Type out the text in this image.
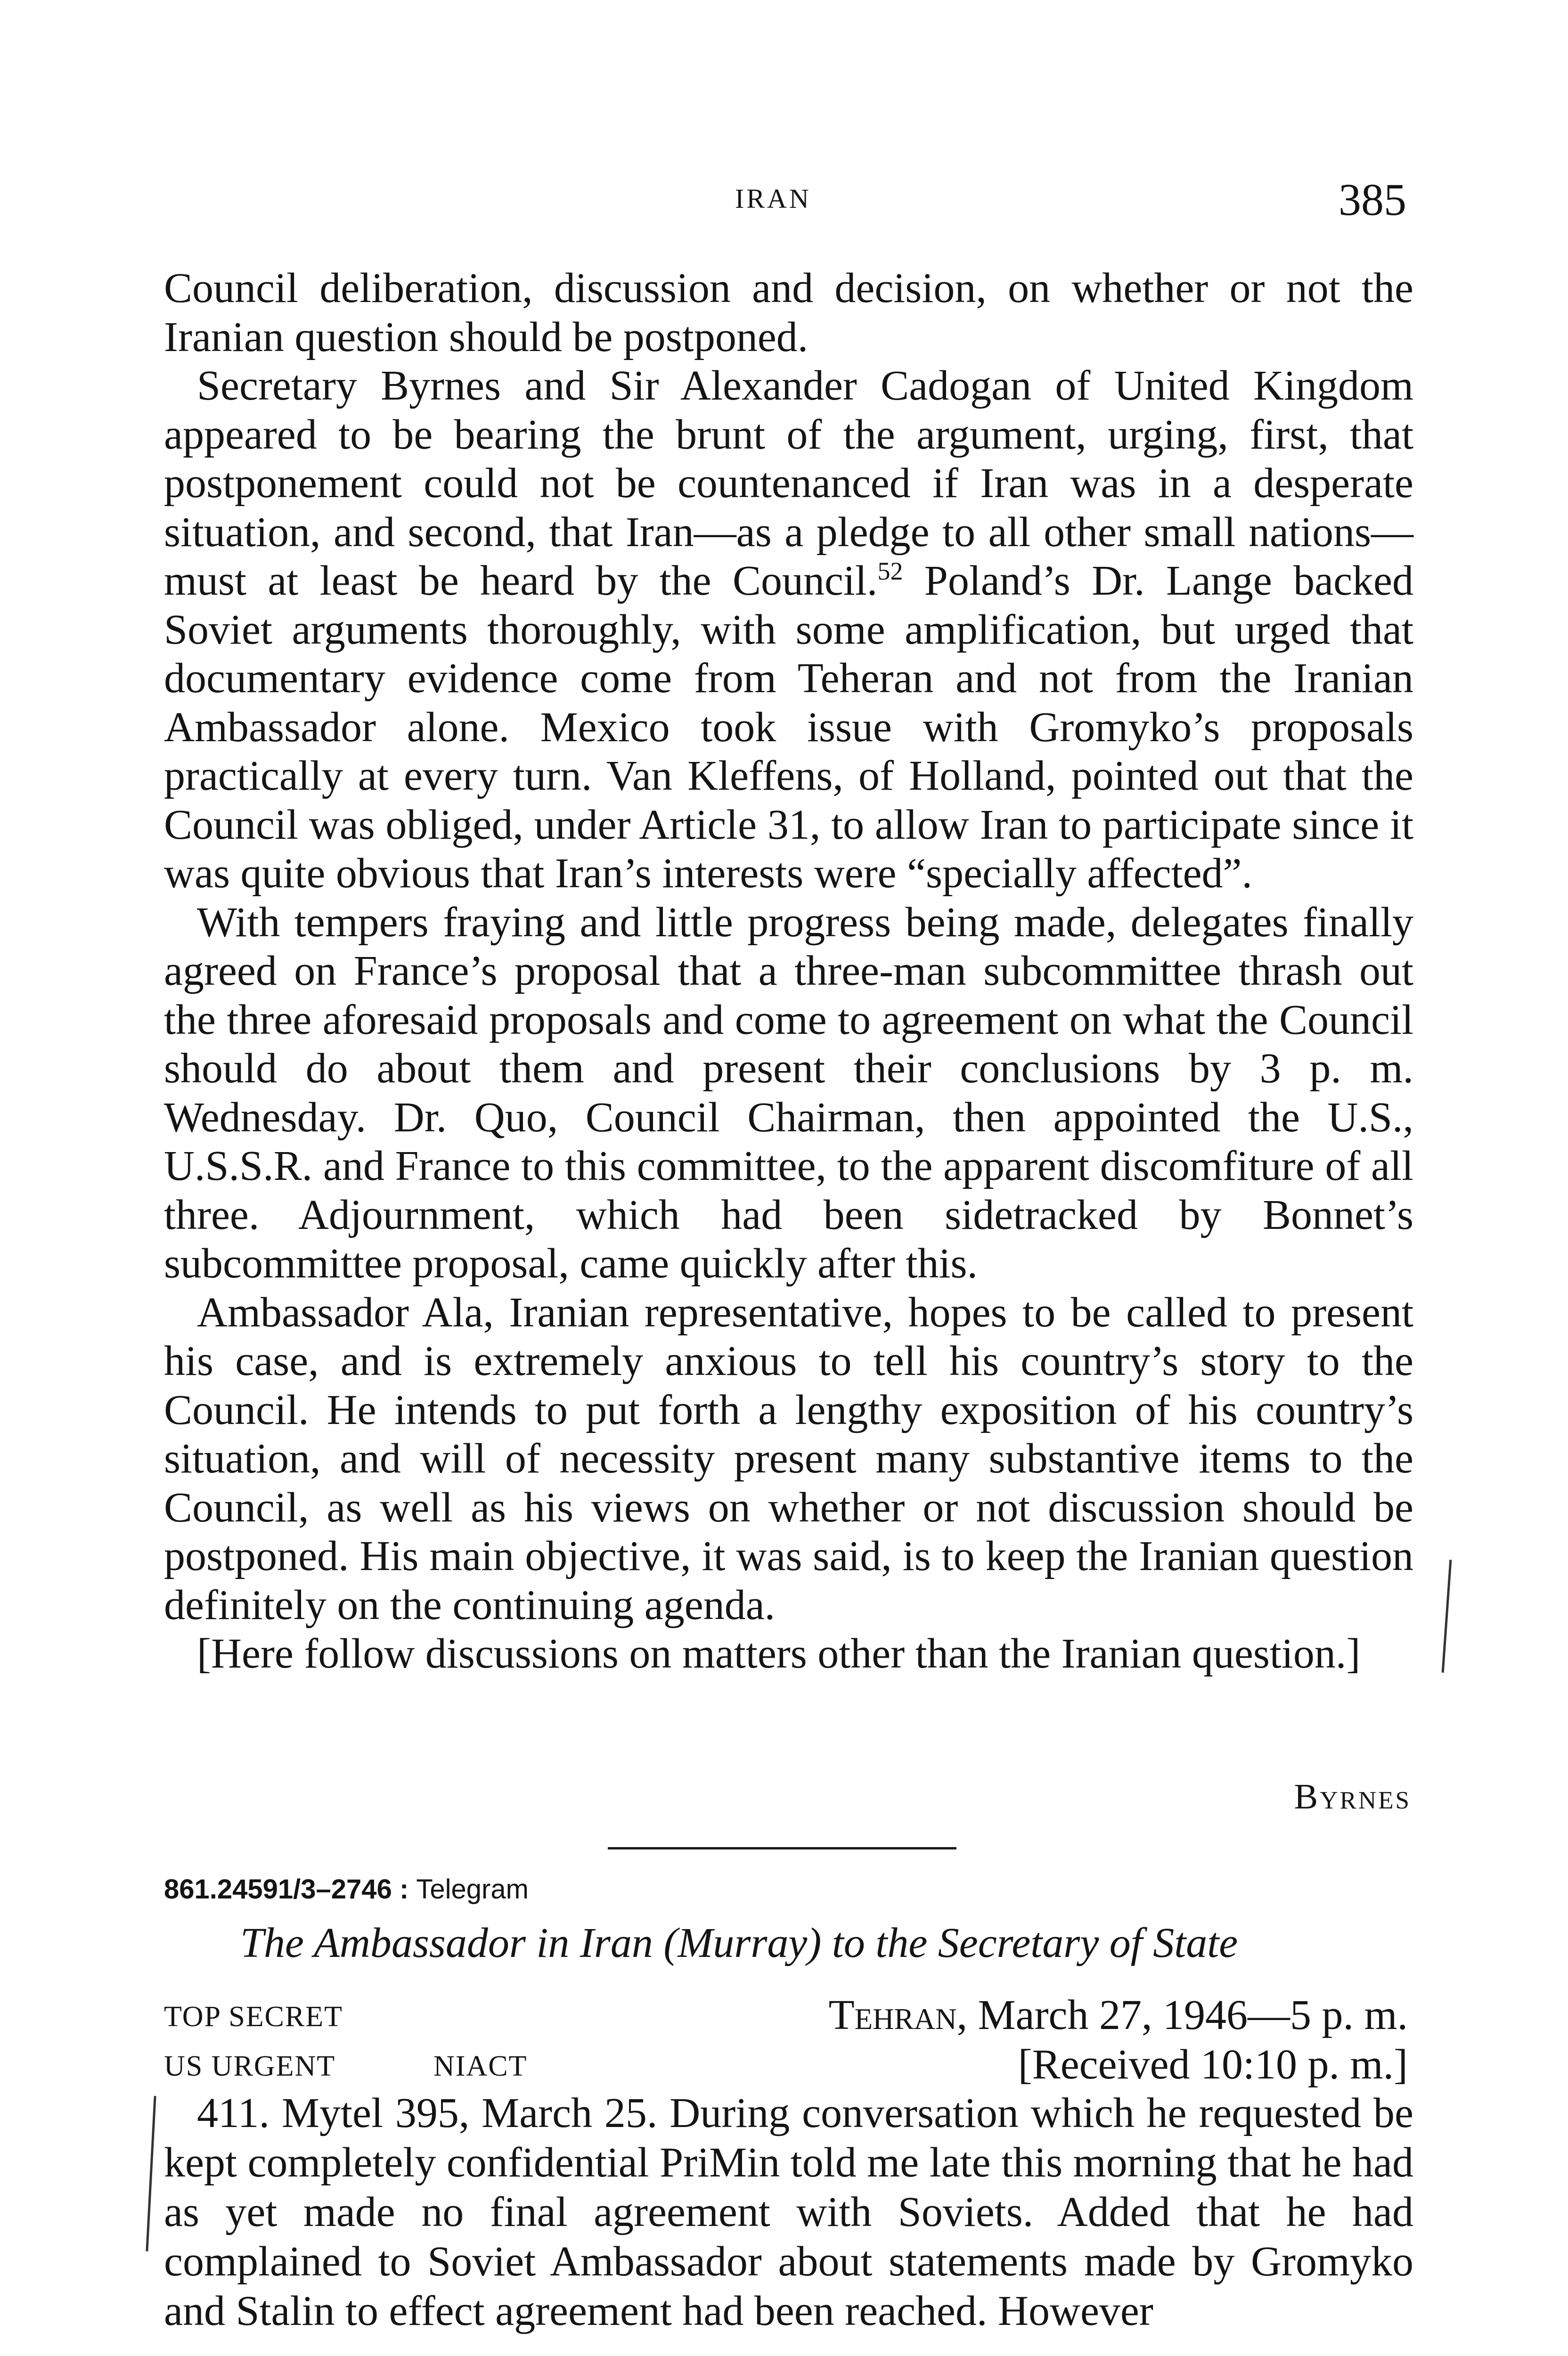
IRAN	385

Council deliberation, discussion and decision, on whether or not the Iranian question should be postponed.

Secretary Byrnes and Sir Alexander Cadogan of United Kingdom appeared to be bearing the brunt of the argument, urging, first, that postponement could not be countenanced if Iran was in a desperate situation, and second, that Iran—as a pledge to all other small nations—must at least be heard by the Council.$^{52}$ Poland’s Dr. Lange backed Soviet arguments thoroughly, with some amplification, but urged that documentary evidence come from Teheran and not from the Iranian Ambassador alone. Mexico took issue with Gromyko’s proposals practically at every turn. Van Kleffens, of Holland, pointed out that the Council was obliged, under Article 31, to allow Iran to participate since it was quite obvious that Iran’s interests were “specially affected”.

With tempers fraying and little progress being made, delegates finally agreed on France’s proposal that a three-man subcommittee thrash out the three aforesaid proposals and come to agreement on what the Council should do about them and present their conclusions by 3 p. m. Wednesday. Dr. Quo, Council Chairman, then appointed the U.S., U.S.S.R. and France to this committee, to the apparent discomfiture of all three. Adjournment, which had been sidetracked by Bonnet’s subcommittee proposal, came quickly after this.

Ambassador Ala, Iranian representative, hopes to be called to present his case, and is extremely anxious to tell his country’s story to the Council. He intends to put forth a lengthy exposition of his country’s situation, and will of necessity present many substantive items to the Council, as well as his views on whether or not discussion should be postponed. His main objective, it was said, is to keep the Iranian question definitely on the continuing agenda.

[Here follow discussions on matters other than the Iranian question.]

Byrnes
861.24591/3–2746 : Telegram
The Ambassador in Iran (Murray) to the Secretary of State
TOP SECRET
US URGENT	NIACT
Tehran, March 27, 1946—5 p. m.
[Received 10:10 p. m.]

411. Mytel 395, March 25. During conversation which he requested be kept completely confidential PriMin told me late this morning that he had as yet made no final agreement with Soviets. Added that he had complained to Soviet Ambassador about statements made by Gromyko and Stalin to effect agreement had been reached. However
